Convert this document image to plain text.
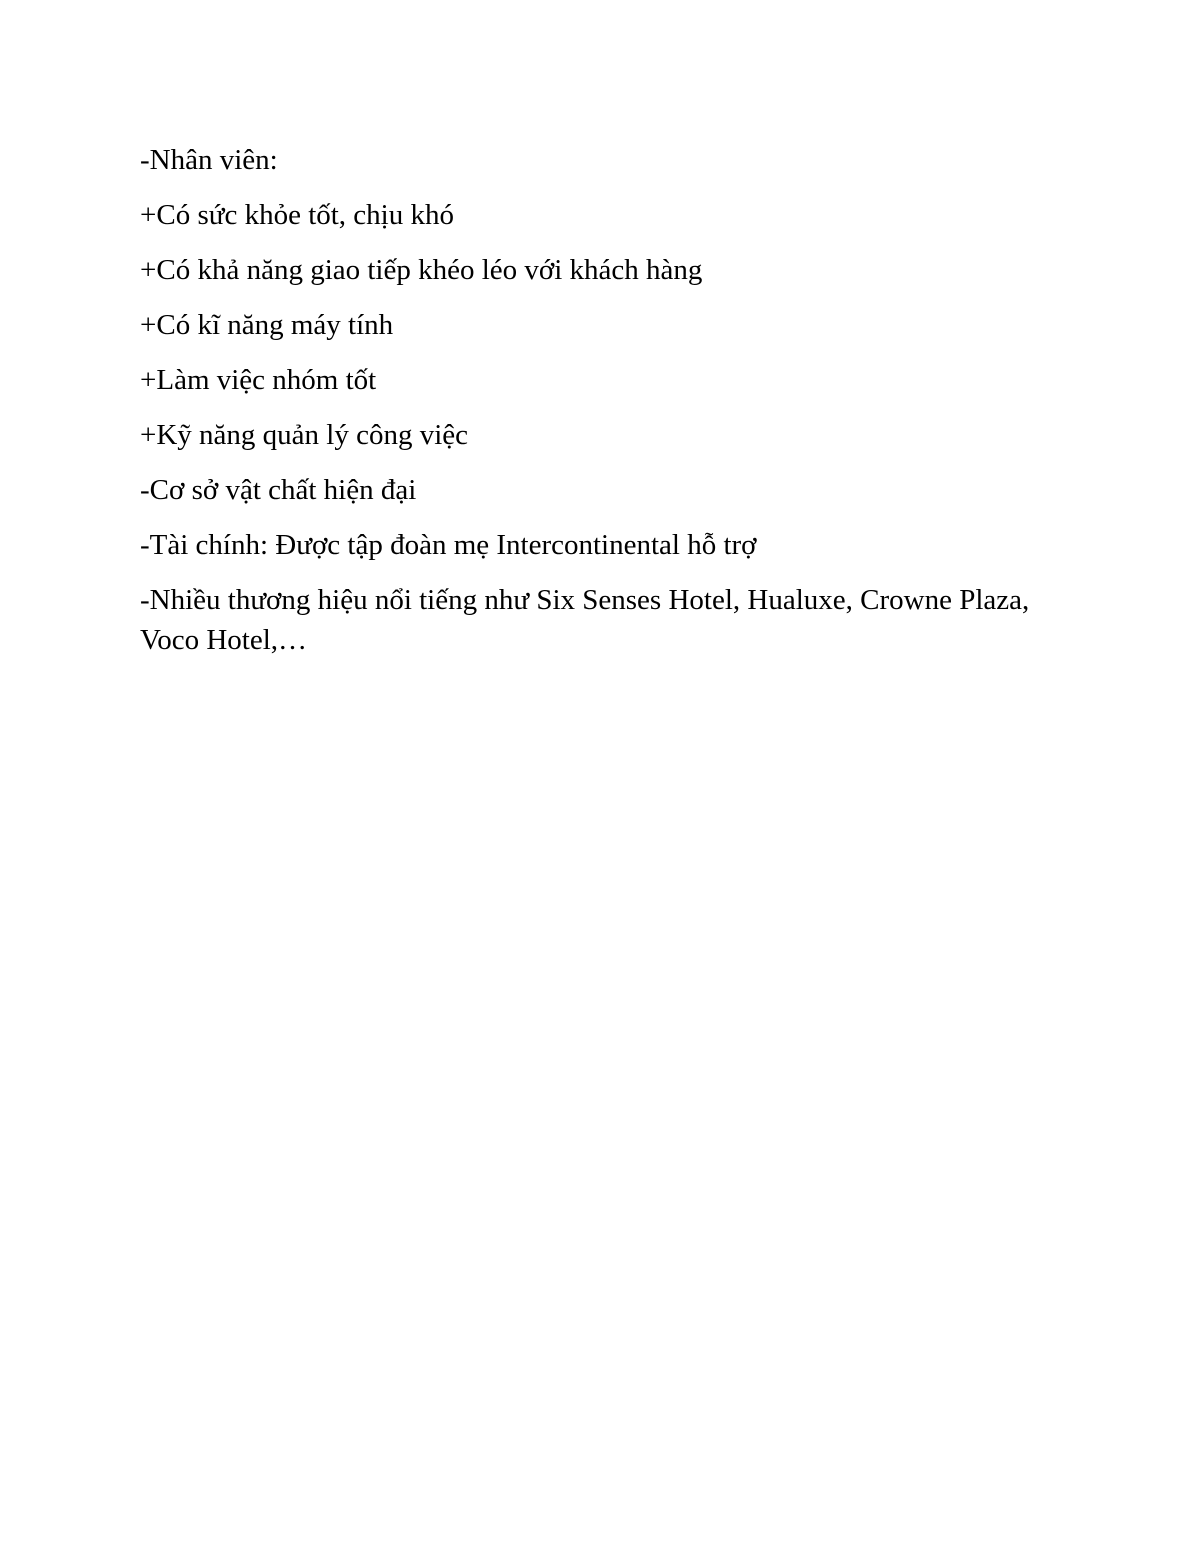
-Nhân viên:

+Có sức khỏe tốt, chịu khó

+Có khả năng giao tiếp khéo léo với khách hàng

+Có kĩ năng máy tính

+Làm việc nhóm tốt

+Kỹ năng quản lý công việc

-Cơ sở vật chất hiện đại

-Tài chính: Được tập đoàn mẹ Intercontinental hỗ trợ

-Nhiều thương hiệu nổi tiếng như Six Senses Hotel, Hualuxe, Crowne Plaza, Voco Hotel,…
